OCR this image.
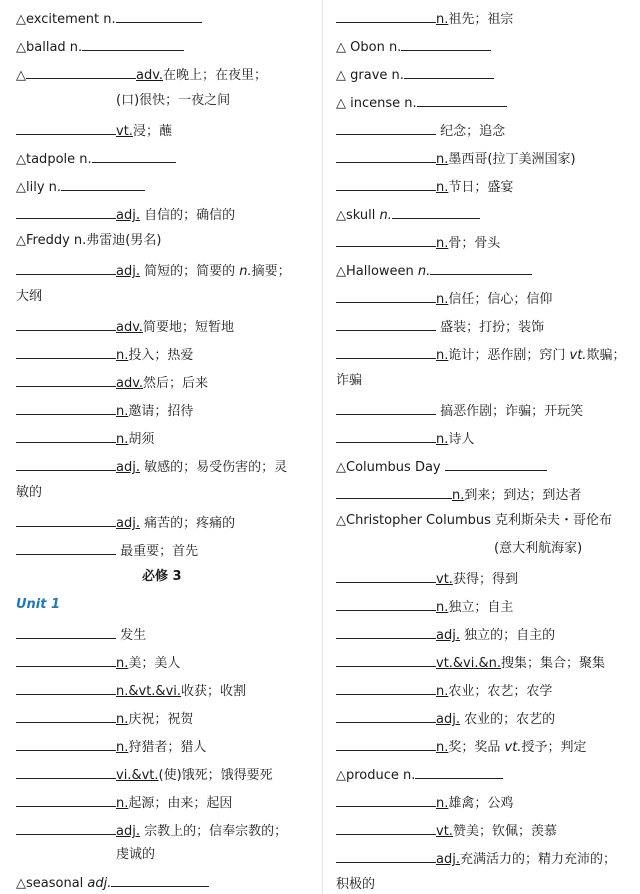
△excitement n.
△ballad n.
△	adv.在晚上；在夜里；
(口)很快；一夜之间
vt.浸；蘸
△tadpole n.
△lily n.
adj. 自信的；确信的
△Freddy n.弗雷迪(男名)
adj. 简短的；简要的 n.摘要；
大纲
adv.简要地；短暂地
n.投入；热爱
adv.然后；后来
n.邀请；招待
n.胡须
adj. 敏感的；易受伤害的；灵
敏的
adj. 痛苦的；疼痛的
最重要；首先
必修 3
Unit 1
发生
n.美；美人
n.&vt.&vi.收获；收割
n.庆祝；祝贺
n.狩猎者；猎人
vi.&vt.(使)饿死；饿得要死
n.起源；由来；起因
adj. 宗教上的；信奉宗教的；
虔诚的
△seasonal adj.
n.祖先；祖宗
△ Obon n.
△ grave n.
△ incense n.
纪念；追念
n.墨西哥(拉丁美洲国家)
n.节日；盛宴
△skull n.
n.骨；骨头
△Halloween n.
n.信任；信心；信仰
盛装；打扮；装饰
n.诡计；恶作剧；窍门 vt.欺骗；
诈骗
搞恶作剧；诈骗；开玩笑
n.诗人
△Columbus Day
n.到来；到达；到达者
△Christopher Columbus 克利斯朵夫・哥伦布
(意大利航海家)
vt.获得；得到
n.独立；自主
adj. 独立的；自主的
vt.&vi.&n.搜集；集合；聚集
n.农业；农艺；农学
adj. 农业的；农艺的
n.奖；奖品 vt.授予；判定
△produce n.
n.雄禽；公鸡
vt.赞美；钦佩；羡慕
adj.充满活力的；精力充沛的；
积极的
